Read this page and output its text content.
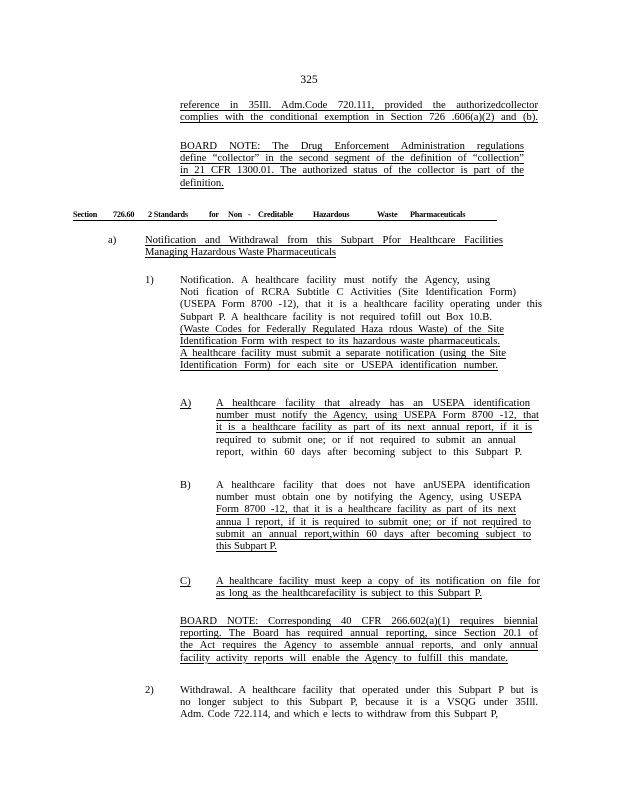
325
reference in 35Ill. Adm.Code 720.111, provided the authorizedcollector
complies with the conditional exemption in Section 726 .606(a)(2) and (b).
BOARD NOTE: The Drug Enforcement Administration regulations
define “collector” in the second segment of the definition of “collection”
in 21 CFR 1300.01. The authorized status of the collector is part of the
definition.
Section 726.60 2 Standards	for Non - Creditable Hazardous	Waste Pharmaceuticals
a)	Notification and Withdrawal from this Subpart Pfor Healthcare Facilities
Managing Hazardous Waste Pharmaceuticals
1) Notification. A healthcare facility must notify the Agency, using
Noti fication of RCRA Subtitle C Activities (Site Identification Form)
(USEPA Form 8700 -12), that it is a healthcare facility operating under this
Subpart P. A healthcare facility is not required tofill out Box 10.B.
(Waste Codes for Federally Regulated Haza rdous Waste) of the Site
Identification Form with respect to its hazardous waste pharmaceuticals.
A healthcare facility must submit a separate notification (using the Site
Identification Form) for each site or USEPA identification number.
A) A healthcare facility that already has an USEPA identification
number must notify the Agency, using USEPA Form 8700 -12, that
it is a healthcare facility as part of its next annual report, if it is
required to submit one; or if not required to submit an annual
report, within 60 days after becoming subject to this Subpart P.
B) A healthcare facility that does not have anUSEPA identification
number must obtain one by notifying the Agency, using USEPA
Form 8700 -12, that it is a healthcare facility as part of its next
annua l report, if it is required to submit one; or if not required to
submit an annual report,within 60 days after becoming subject to
this Subpart P.
C) A healthcare facility must keep a copy of its notification on file for
as long as the healthcarefacility is subject to this Subpart P.
BOARD NOTE: Corresponding 40 CFR 266.602(a)(1) requires biennial
reporting. The Board has required annual reporting, since Section 20.1 of
the Act requires the Agency to assemble annual reports, and only annual
facility activity reports will enable the Agency to fulfill this mandate.
2) Withdrawal. A healthcare facility that operated under this Subpart P but is
no longer subject to this Subpart P, because it is a VSQG under 35Ill.
Adm. Code 722.114, and which e lects to withdraw from this Subpart P,
